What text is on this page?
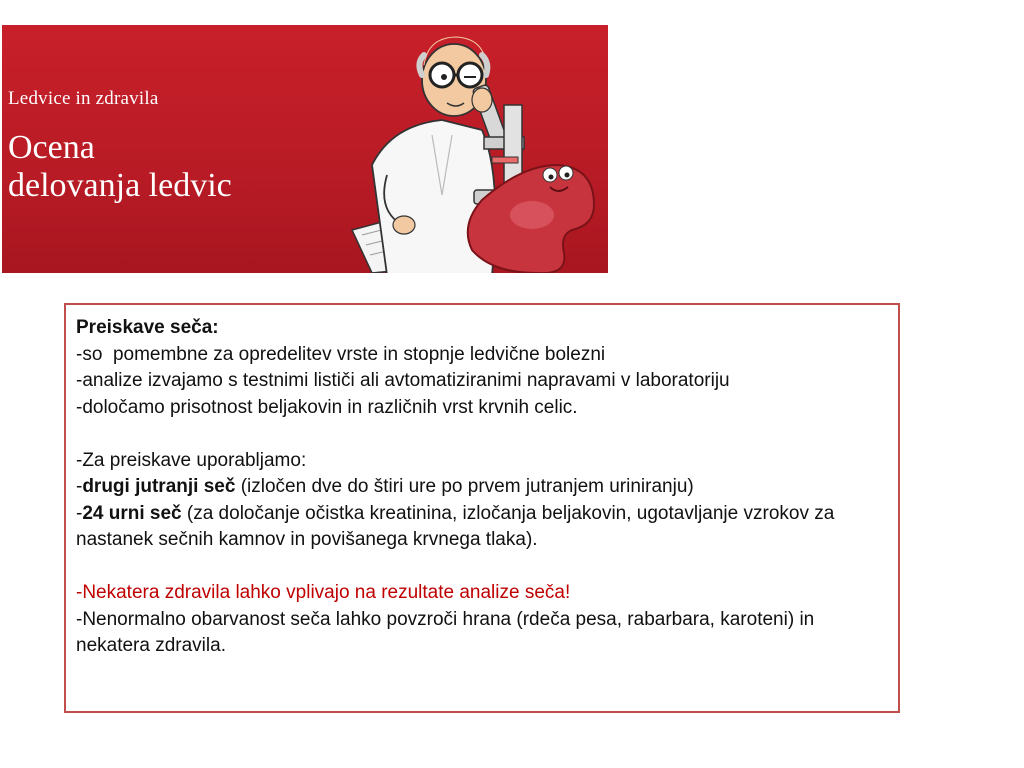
Ledvice in zdravila
Ocena
delovanja ledvic

Preiskave seča:

-so  pomembne za opredelitev vrste in stopnje ledvične bolezni

-analize izvajamo s testnimi lističi ali avtomatiziranimi napravami v laboratoriju

-določamo prisotnost beljakovin in različnih vrst krvnih celic.

-Za preiskave uporabljamo:

-drugi jutranji seč (izločen dve do štiri ure po prvem jutranjem uriniranju)

-24 urni seč (za določanje očistka kreatinina, izločanja beljakovin, ugotavljanje vzrokov za nastanek sečnih kamnov in povišanega krvnega tlaka).

-Nekatera zdravila lahko vplivajo na rezultate analize seča!

-Nenormalno obarvanost seča lahko povzroči hrana (rdeča pesa, rabarbara, karoteni) in nekatera zdravila.
